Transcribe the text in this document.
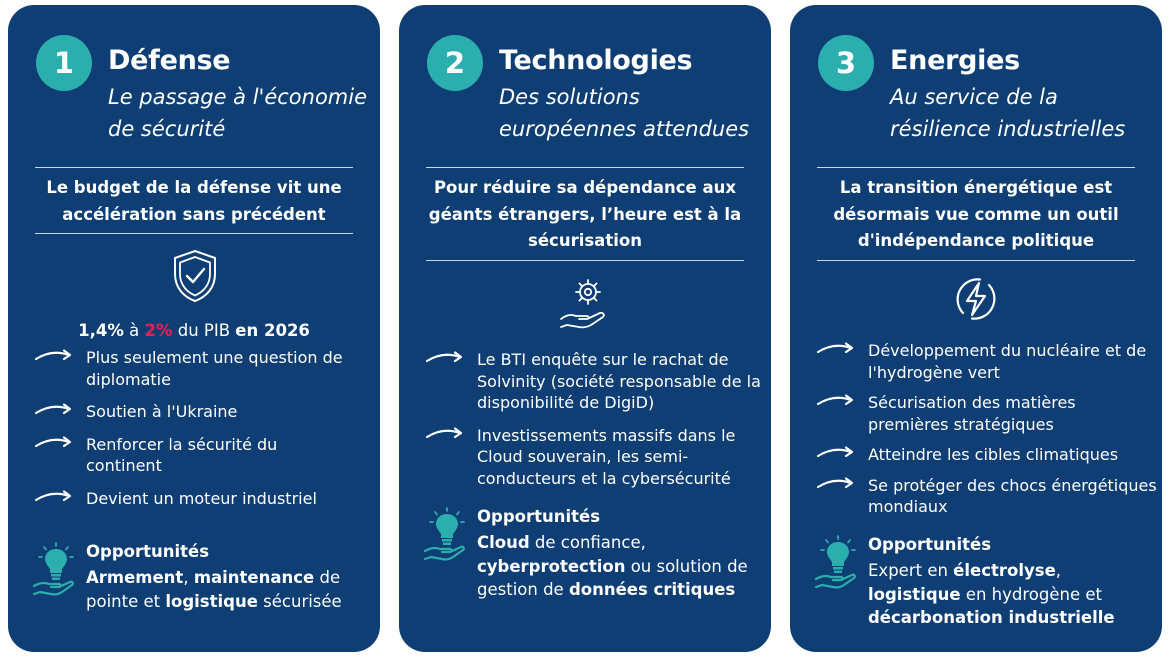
1	Défense
Le passage à l'économie de sécurité
Le budget de la défense vit une accélération sans précédent
1,4% à 2% du PIB en 2026
Plus seulement une question de diplomatie
Soutien à l'Ukraine
Renforcer la sécurité du continent
Devient un moteur industriel
Opportunités
Armement, maintenance de pointe et logistique sécurisée
2	Technologies
Des solutions européennes attendues
Pour réduire sa dépendance aux géants étrangers, l’heure est à la sécurisation
Le BTI enquête sur le rachat de Solvinity (société responsable de la disponibilité de DigiD)
Investissements massifs dans le Cloud souverain, les semi-conducteurs et la cybersécurité
Opportunités
Cloud de confiance, cyberprotection ou solution de gestion de données critiques
3	Energies
Au service de la résilience industrielles
La transition énergétique est désormais vue comme un outil d'indépendance politique
Développement du nucléaire et de l'hydrogène vert
Sécurisation des matières premières stratégiques
Atteindre les cibles climatiques
Se protéger des chocs énergétiques mondiaux
Opportunités
Expert en électrolyse, logistique en hydrogène et décarbonation industrielle
